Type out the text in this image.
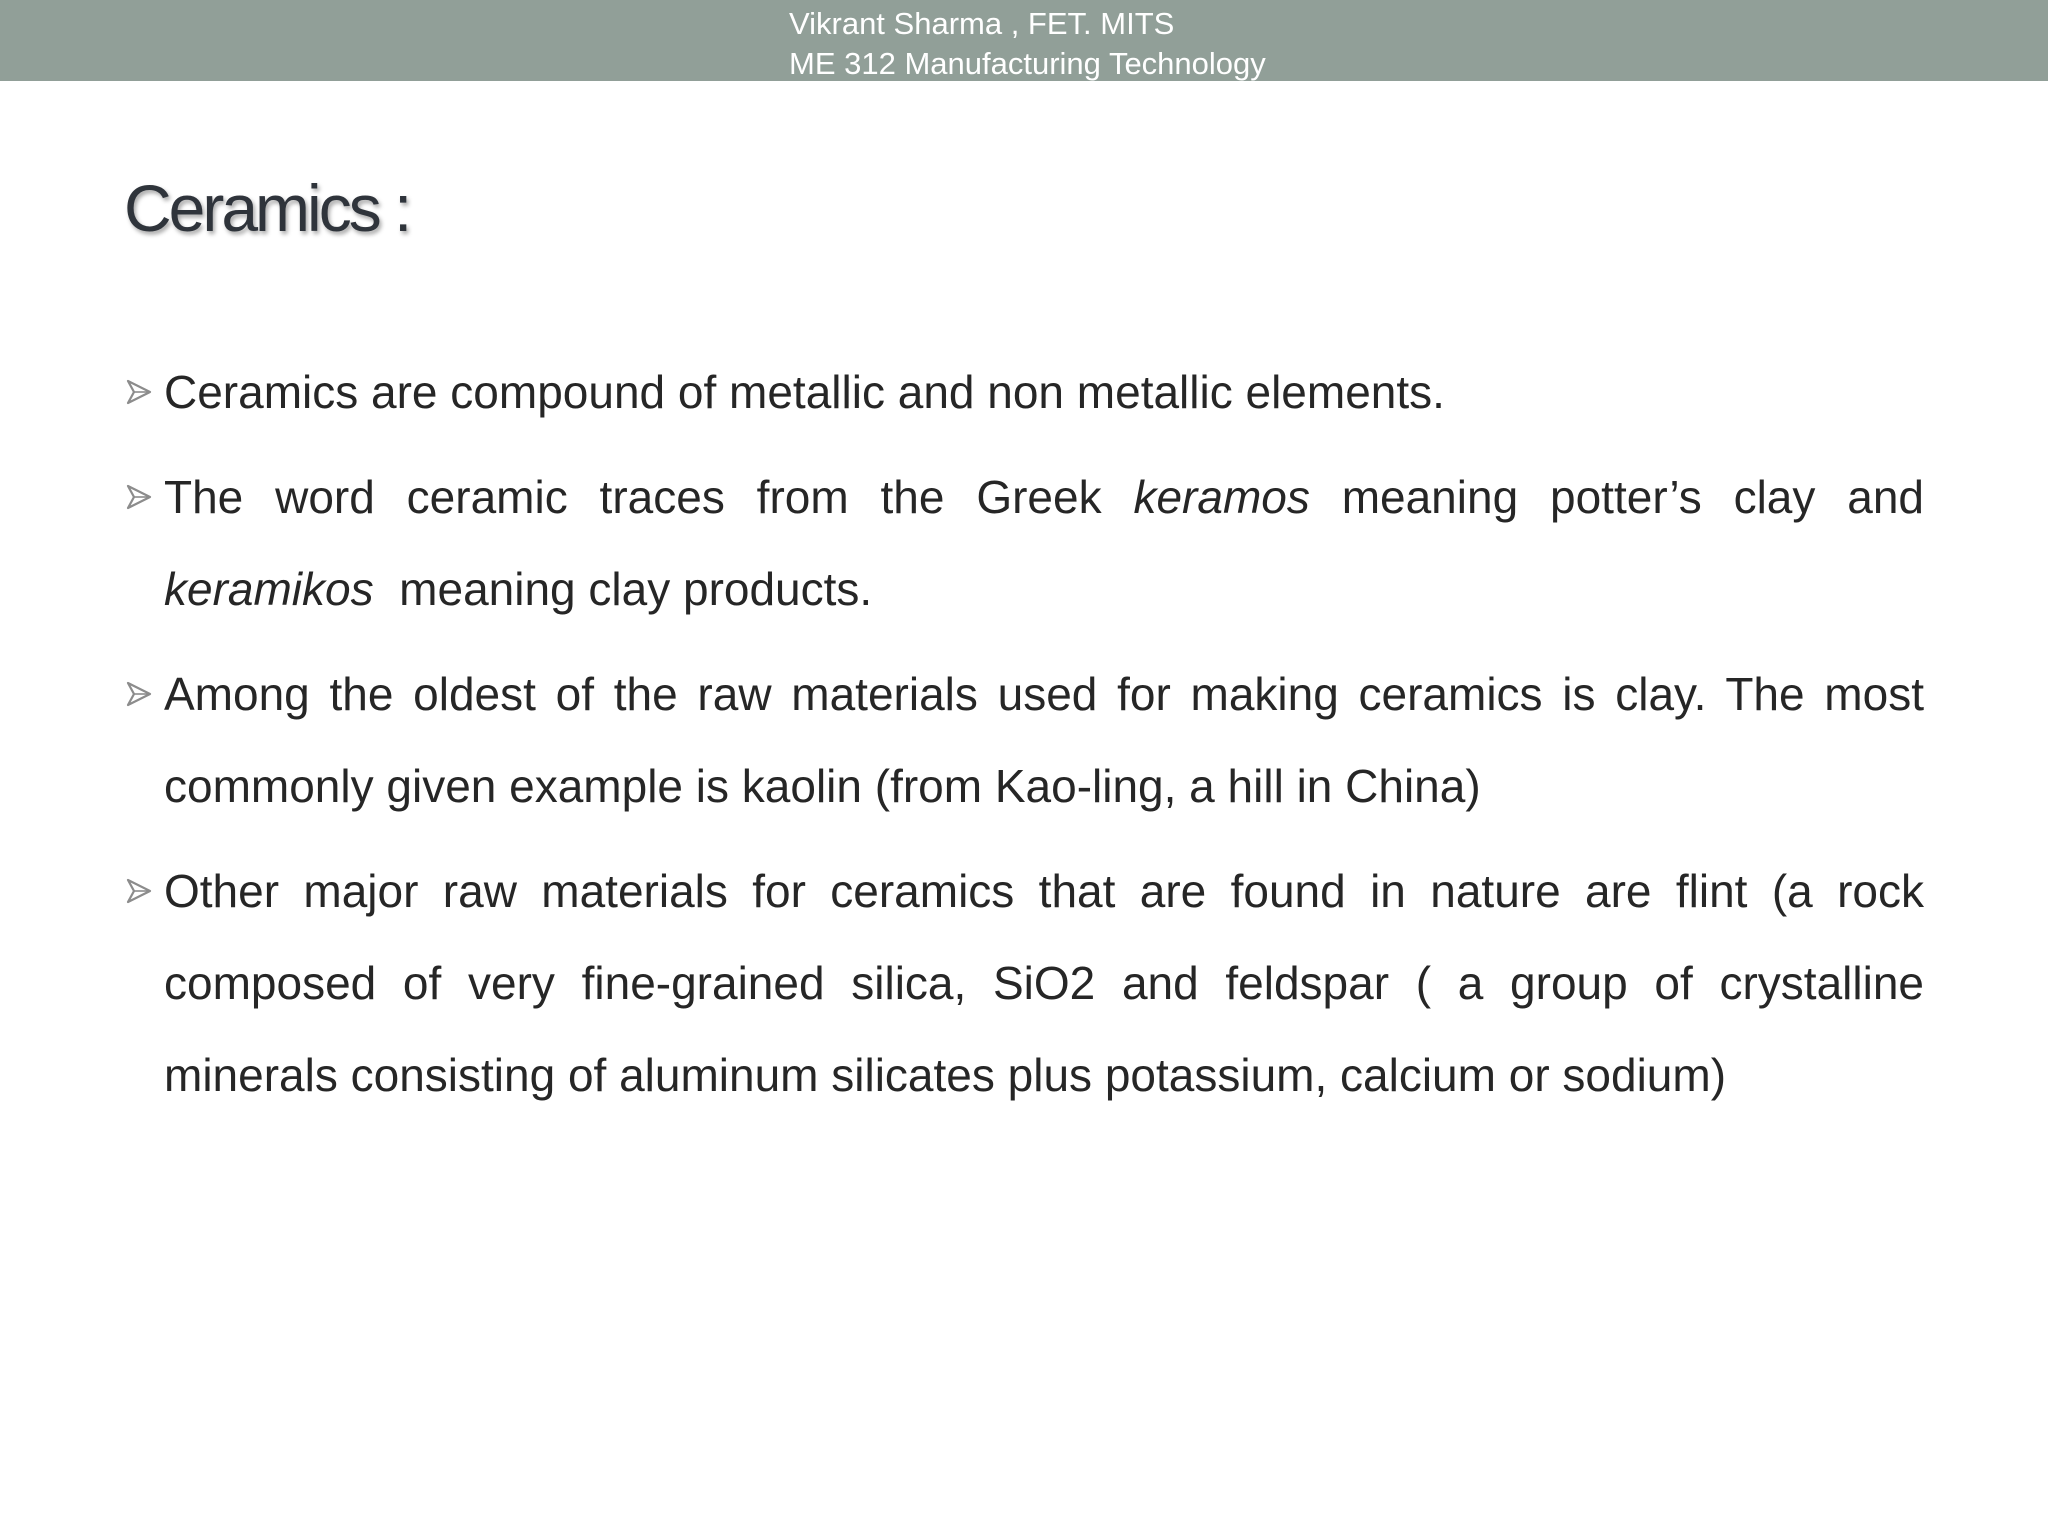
Vikrant Sharma , FET. MITS
ME 312 Manufacturing Technology
Ceramics :
Ceramics are compound of metallic and non metallic elements.
The word ceramic traces from the Greek keramos meaning potter’s clay and keramikos  meaning clay products.
Among the oldest of the raw materials used for making ceramics is clay. The most commonly given example is kaolin (from Kao-ling, a hill in China)
Other major raw materials for ceramics that are found in nature are flint (a rock composed of very fine-grained silica, SiO2 and feldspar ( a group of crystalline minerals consisting of aluminum silicates plus potassium, calcium or sodium)
